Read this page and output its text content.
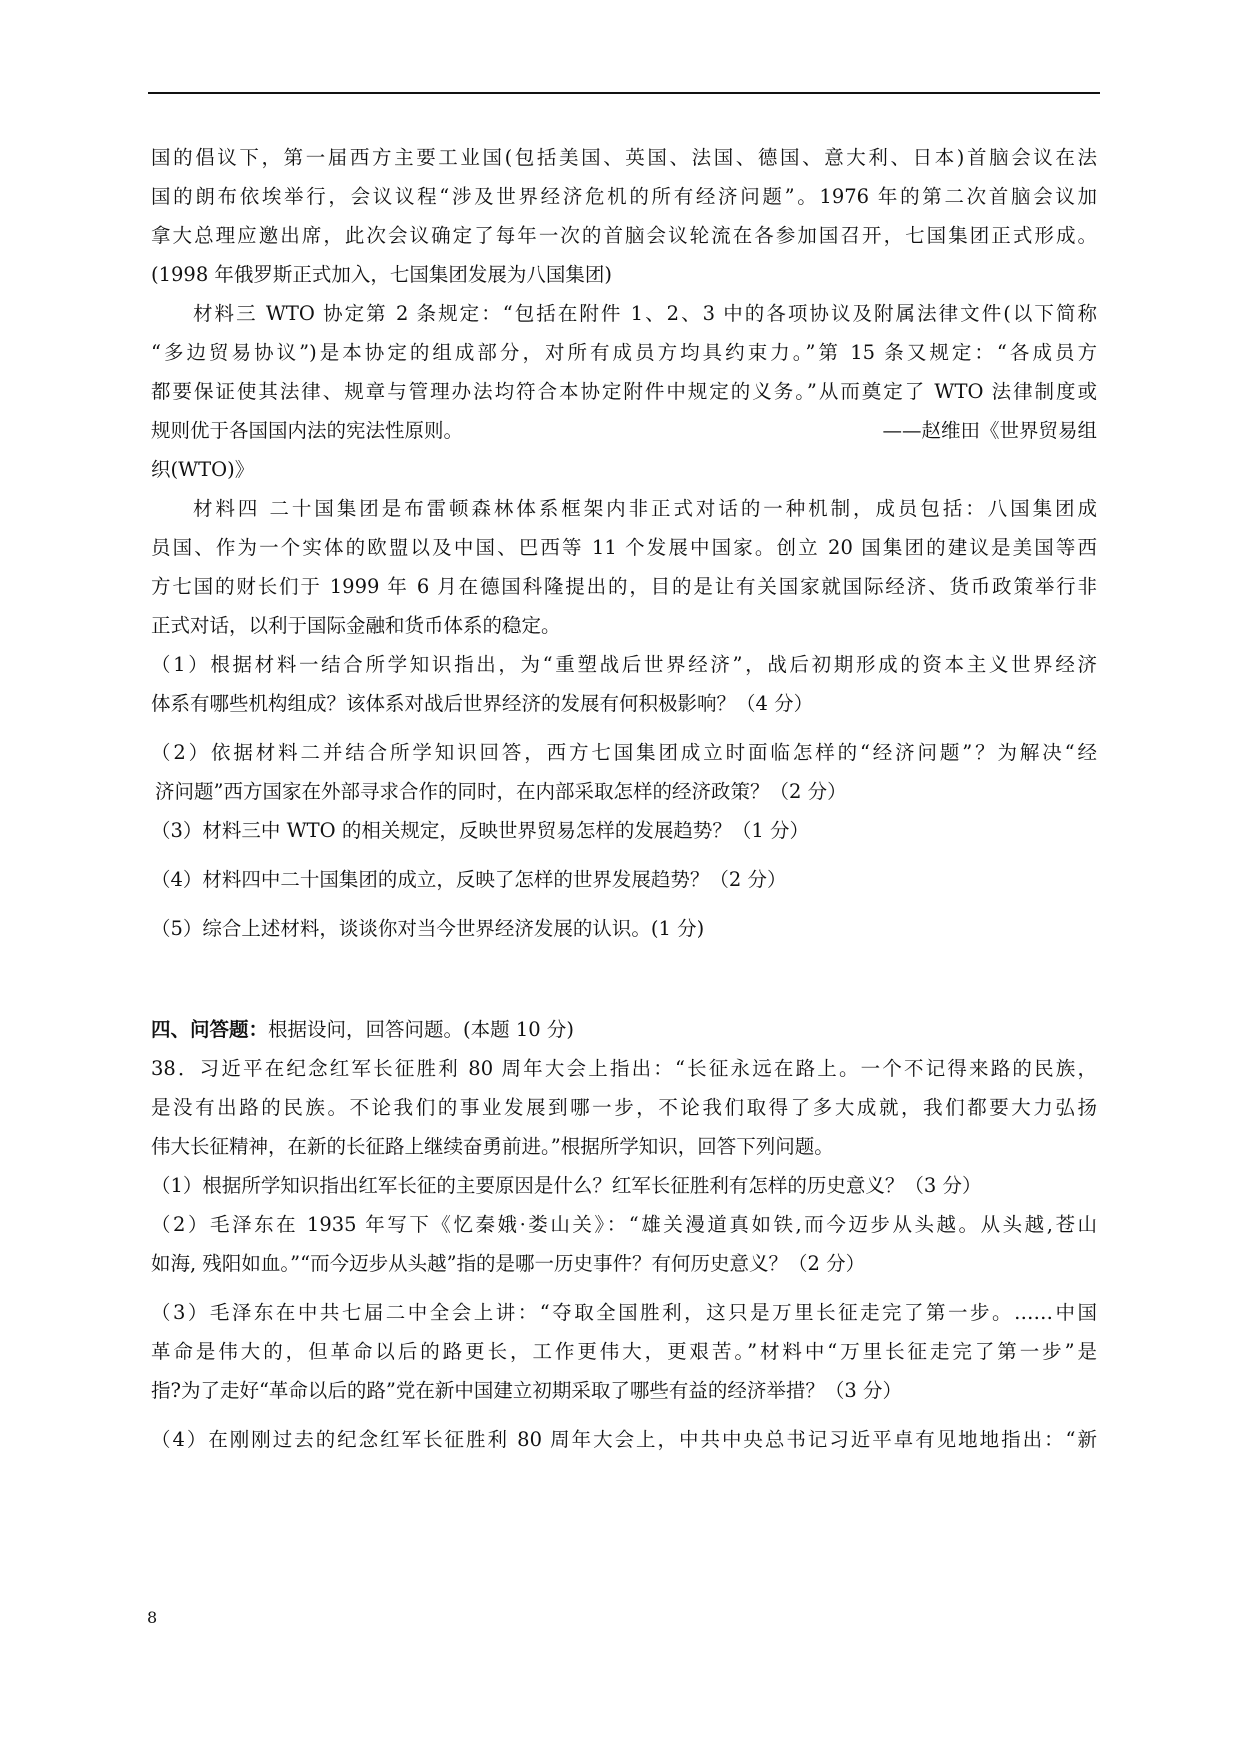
国的倡议下，第一届西方主要工业国(包括美国、英国、法国、德国、意大利、日本)首脑会议在法
国的朗布依埃举行，会议议程“涉及世界经济危机的所有经济问题”。1976 年的第二次首脑会议加
拿大总理应邀出席，此次会议确定了每年一次的首脑会议轮流在各参加国召开，七国集团正式形成。
(1998 年俄罗斯正式加入，七国集团发展为八国集团)
材料三 WTO 协定第 2 条规定：“包括在附件 1、2、3 中的各项协议及附属法律文件(以下简称
“多边贸易协议”)是本协定的组成部分，对所有成员方均具约束力。”第 15 条又规定：“各成员方
都要保证使其法律、规章与管理办法均符合本协定附件中规定的义务。”从而奠定了 WTO 法律制度或
规则优于各国国内法的宪法性原则。	——赵维田《世界贸易组
织(WTO)》
材料四 二十国集团是布雷顿森林体系框架内非正式对话的一种机制，成员包括：八国集团成
员国、作为一个实体的欧盟以及中国、巴西等 11 个发展中国家。创立 20 国集团的建议是美国等西
方七国的财长们于 1999 年 6 月在德国科隆提出的，目的是让有关国家就国际经济、货币政策举行非
正式对话，以利于国际金融和货币体系的稳定。
（1）根据材料一结合所学知识指出，为“重塑战后世界经济”，战后初期形成的资本主义世界经济
体系有哪些机构组成？该体系对战后世界经济的发展有何积极影响？（4 分）
（2）依据材料二并结合所学知识回答，西方七国集团成立时面临怎样的“经济问题”？为解决“经
济问题”西方国家在外部寻求合作的同时，在内部采取怎样的经济政策？（2 分）
（3）材料三中 WTO 的相关规定，反映世界贸易怎样的发展趋势？（1 分）
（4）材料四中二十国集团的成立，反映了怎样的世界发展趋势？（2 分）
（5）综合上述材料，谈谈你对当今世界经济发展的认识。(1 分)
四、问答题：根据设问，回答问题。(本题 10 分)
38．习近平在纪念红军长征胜利 80 周年大会上指出：“长征永远在路上。一个不记得来路的民族，
是没有出路的民族。不论我们的事业发展到哪一步，不论我们取得了多大成就，我们都要大力弘扬
伟大长征精神，在新的长征路上继续奋勇前进。”根据所学知识，回答下列问题。
（1）根据所学知识指出红军长征的主要原因是什么？红军长征胜利有怎样的历史意义？（3 分）
（2）毛泽东在 1935 年写下《忆秦娥·娄山关》：“雄关漫道真如铁,而今迈步从头越。从头越,苍山
如海, 残阳如血。”“而今迈步从头越”指的是哪一历史事件？有何历史意义？（2 分）
（3）毛泽东在中共七届二中全会上讲：“夺取全国胜利，这只是万里长征走完了第一步。……中国
革命是伟大的，但革命以后的路更长，工作更伟大，更艰苦。”材料中“万里长征走完了第一步”是
指?为了走好“革命以后的路”党在新中国建立初期采取了哪些有益的经济举措？（3 分）
（4）在刚刚过去的纪念红军长征胜利 80 周年大会上，中共中央总书记习近平卓有见地地指出：“新
8
